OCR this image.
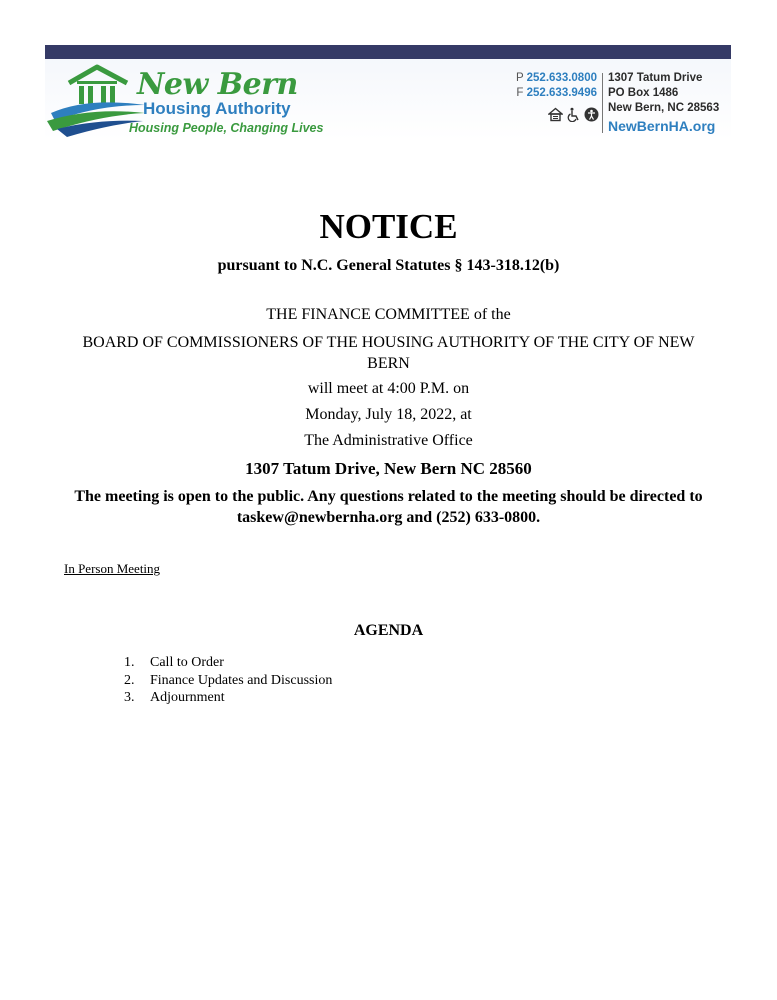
New Bern
Housing Authority
Housing People, Changing Lives
P 252.633.0800
F 252.633.9496
1307 Tatum Drive
PO Box 1486
New Bern, NC 28563
NewBernHA.org
NOTICE
pursuant to N.C. General Statutes § 143-318.12(b)
THE FINANCE COMMITTEE of the
BOARD OF COMMISSIONERS OF THE HOUSING AUTHORITY OF THE CITY OF NEW BERN
will meet at 4:00 P.M. on
Monday, July 18, 2022, at
The Administrative Office
1307 Tatum Drive, New Bern NC 28560
The meeting is open to the public. Any questions related to the meeting should be directed to taskew@newbernha.org and (252) 633-0800.
In Person Meeting
AGENDA
1.	Call to Order
2.	Finance Updates and Discussion
3.	Adjournment
